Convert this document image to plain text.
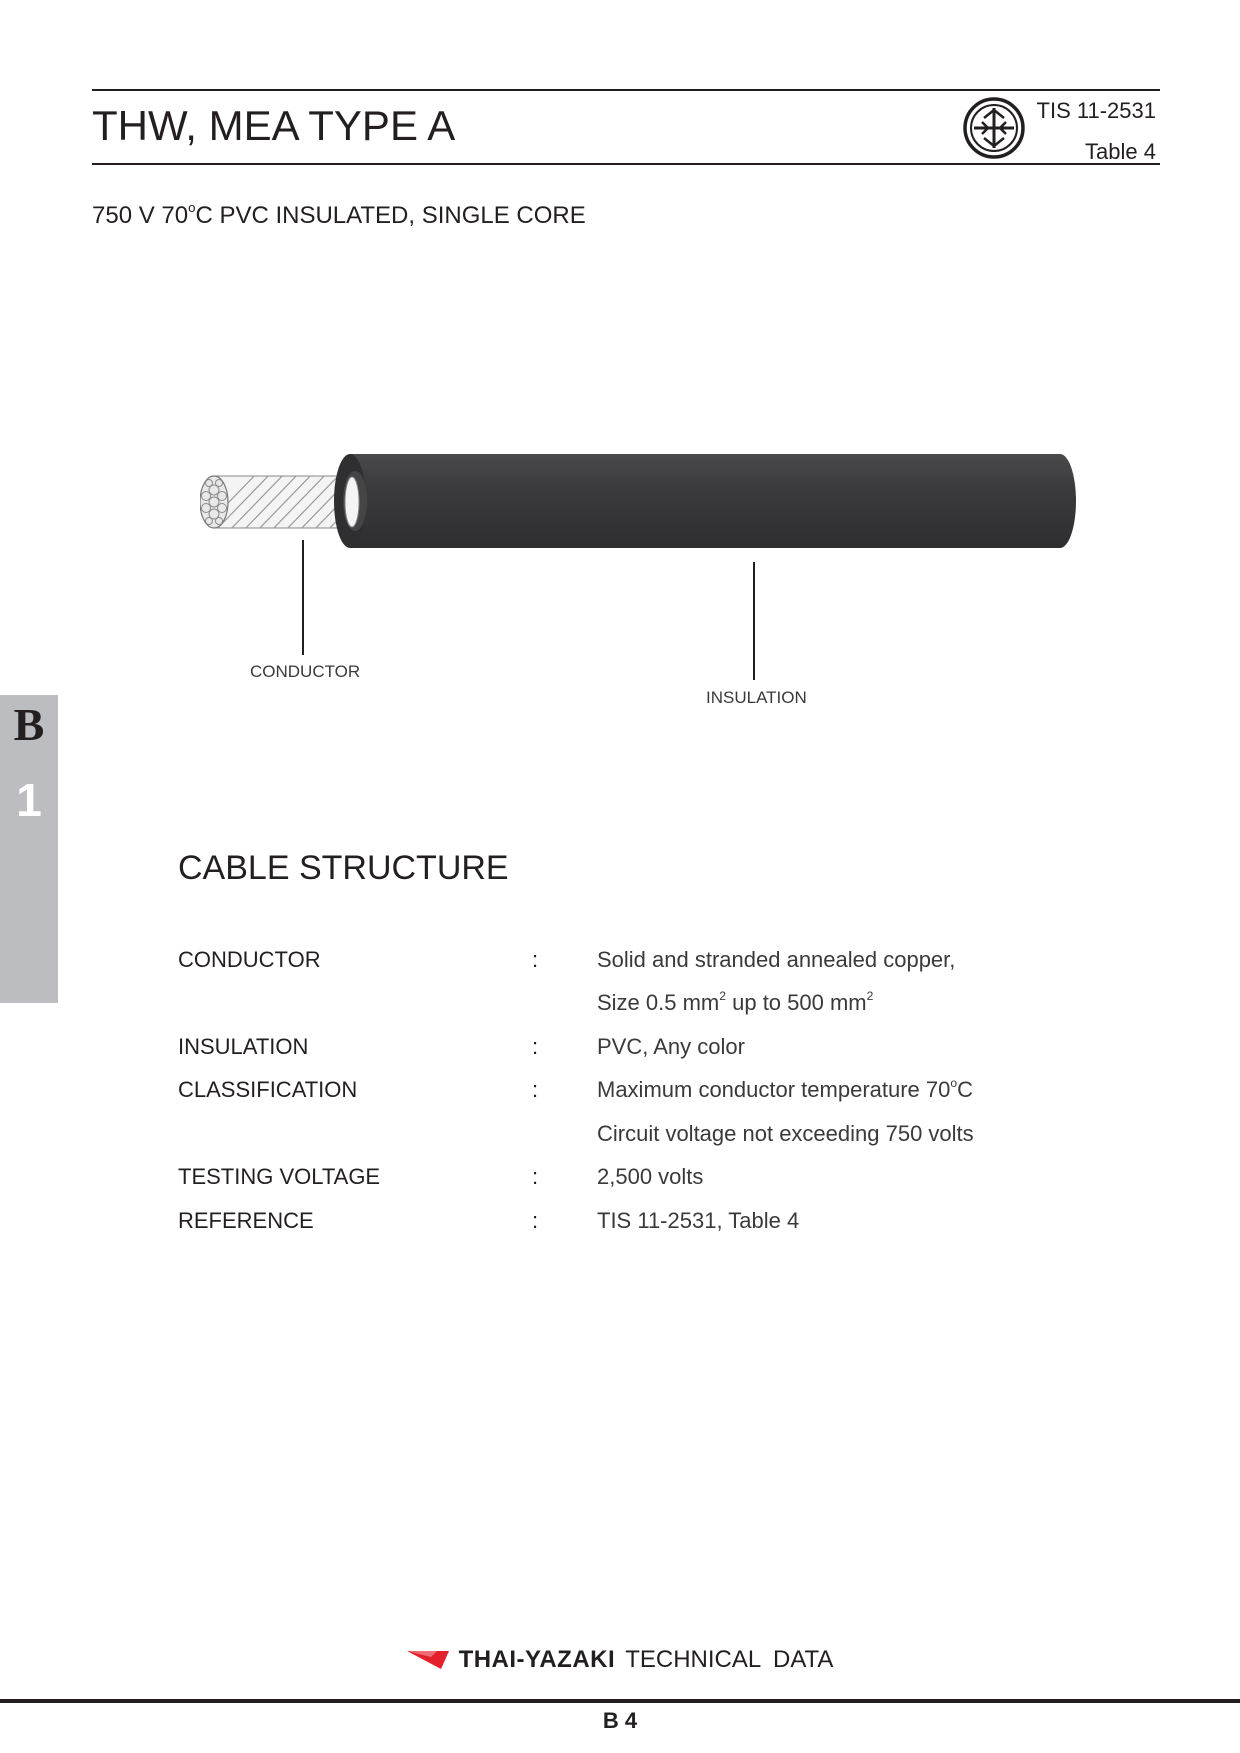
THW, MEA TYPE A	TIS 11-2531
Table 4
750 V 70$^o$C PVC INSULATED, SINGLE CORE
CONDUCTOR
INSULATION
B
1
CABLE STRUCTURE
CONDUCTOR	:	Solid and stranded annealed copper,
Size 0.5 $mm^2$ up to 500 $mm^2$
INSULATION	:	PVC, Any color
CLASSIFICATION	:	Maximum conductor temperature 70$^o$C
Circuit voltage not exceeding 750 volts
TESTING VOLTAGE	:	2,500 volts
REFERENCE	:	TIS 11-2531, Table 4
THAI-YAZAKI TECHNICAL DATA
B 4
